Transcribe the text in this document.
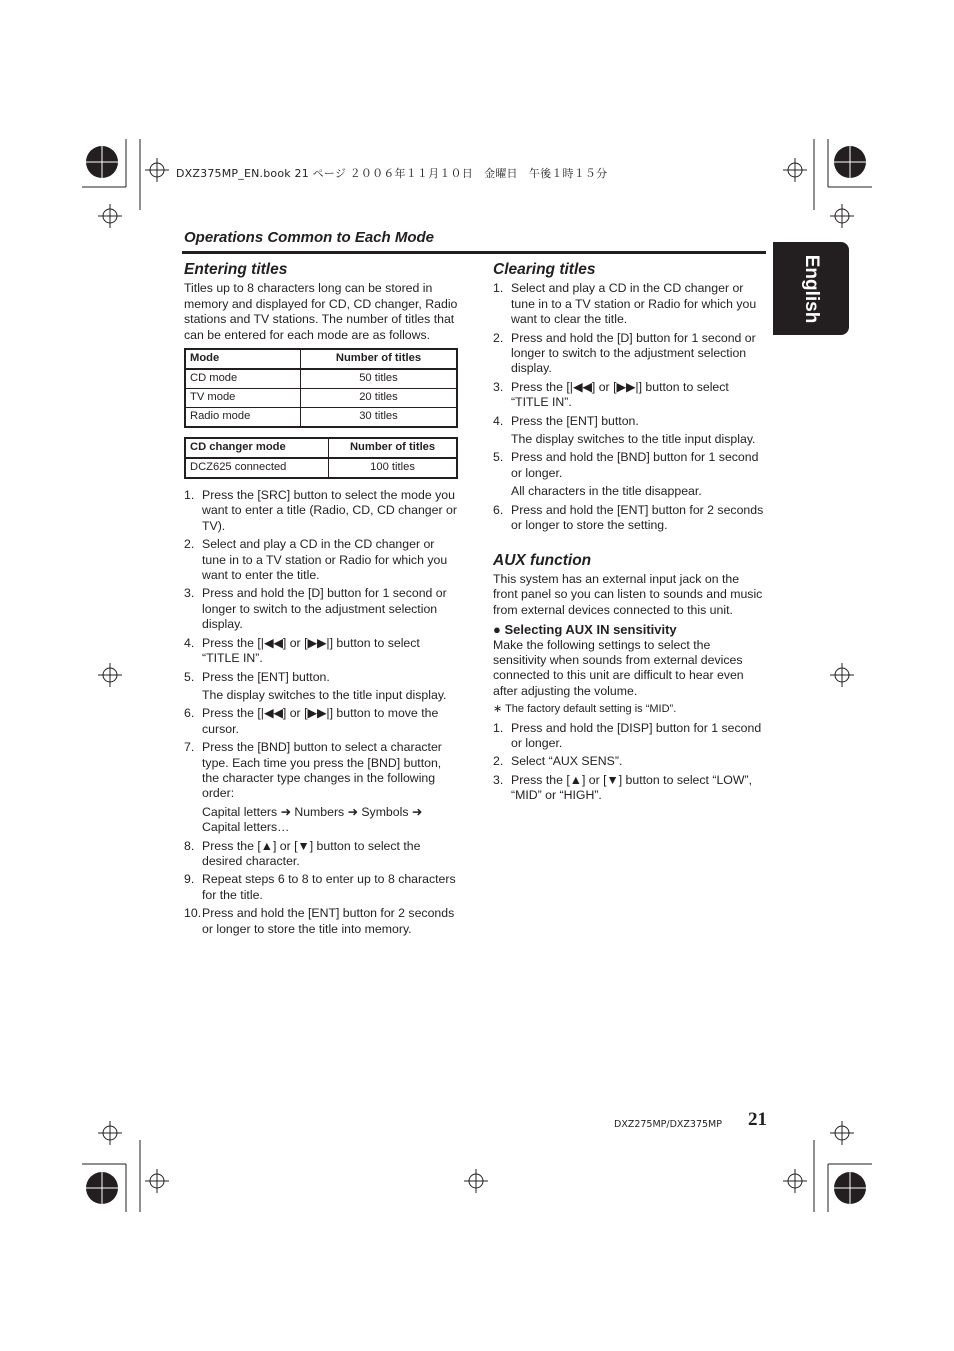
DXZ375MP_EN.book 21 ページ ２００６年１１月１０日　金曜日　午後１時１５分
Operations Common to Each Mode
English
Entering titles

Titles up to 8 characters long can be stored in memory and displayed for CD, CD changer, Radio stations and TV stations. The number of titles that can be entered for each mode are as follows.

Mode	Number of titles
CD mode	50 titles
TV mode	20 titles
Radio mode	30 titles
CD changer mode	Number of titles
DCZ625 connected	100 titles
1. Press the [SRC] button to select the mode you want to enter a title (Radio, CD, CD changer or TV).
2. Select and play a CD in the CD changer or tune in to a TV station or Radio for which you want to enter the title.
3. Press and hold the [D] button for 1 second or longer to switch to the adjustment selection display.
4. Press the [|◀◀] or [▶▶|] button to select “TITLE IN”.
5. Press the [ENT] button.
The display switches to the title input display.
6. Press the [|◀◀] or [▶▶|] button to move the cursor.
7. Press the [BND] button to select a character type. Each time you press the [BND] button, the character type changes in the following order:
Capital letters ➜ Numbers ➜ Symbols ➜ Capital letters…
8. Press the [▲] or [▼] button to select the desired character.
9. Repeat steps 6 to 8 to enter up to 8 characters for the title.
10. Press and hold the [ENT] button for 2 seconds or longer to store the title into memory.
Clearing titles
1. Select and play a CD in the CD changer or tune in to a TV station or Radio for which you want to clear the title.
2. Press and hold the [D] button for 1 second or longer to switch to the adjustment selection display.
3. Press the [|◀◀] or [▶▶|] button to select “TITLE IN”.
4. Press the [ENT] button.
The display switches to the title input display.
5. Press and hold the [BND] button for 1 second or longer.
All characters in the title disappear.
6. Press and hold the [ENT] button for 2 seconds or longer to store the setting.
AUX function

This system has an external input jack on the front panel so you can listen to sounds and music from external devices connected to this unit.

● Selecting AUX IN sensitivity

Make the following settings to select the sensitivity when sounds from external devices connected to this unit are difficult to hear even after adjusting the volume.

∗ The factory default setting is “MID”.
1. Press and hold the [DISP] button for 1 second or longer.
2. Select “AUX SENS”.
3. Press the [▲] or [▼] button to select “LOW”, “MID” or “HIGH”.
DXZ275MP/DXZ375MP 21
